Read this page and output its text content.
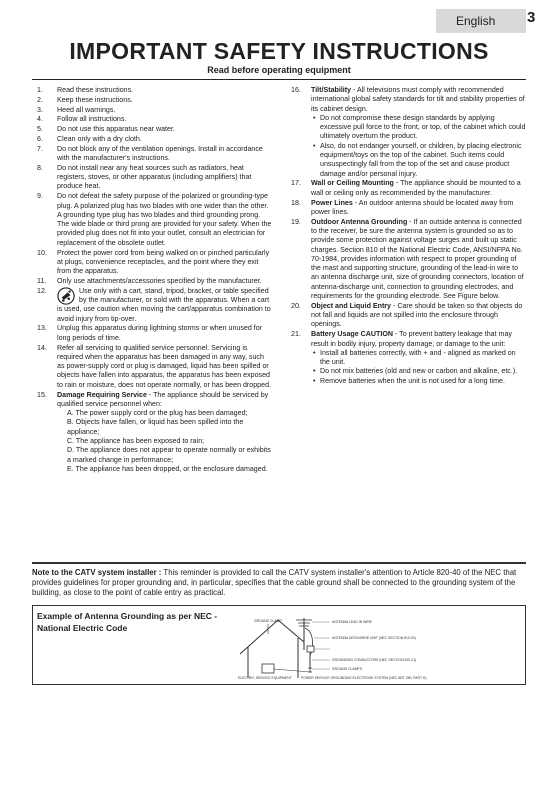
English 3
IMPORTANT SAFETY INSTRUCTIONS
Read before operating equipment
1. Read these instructions.
2. Keep these instructions.
3. Heed all warnings.
4. Follow all instructions.
5. Do not use this apparatus near water.
6. Clean only with a dry cloth.
7. Do not block any of the ventilation openings. Install in accordance with the manufacturer's instructions.
8. Do not install near any heat sources such as radiators, heat registers, stoves, or other apparatus (including amplifiers) that produce heat.
9. Do not defeat the safety purpose of the polarized or grounding-type plug. A polarized plug has two blades with one wider than the other. A grounding type plug has two blades and third grounding prong. The wide blade or third prong are provided for your safety. When the provided plug does not fit into your outlet, consult an electrician for replacement of the obsolete outlet.
10. Protect the power cord from being walked on or pinched particularly at plugs, convenience receptacles, and the point where they exit from the apparatus.
11. Only use attachments/accessories specified by the manufacturer.
12.	Use only with a cart, stand, tripod, bracket, or table specified by the manufacturer, or sold with the apparatus. When a cart is used, use caution when moving the cart/apparatus combination to avoid injury from tip-over.
13. Unplug this apparatus during lightning storms or when unused for long periods of time.
14. Refer all servicing to qualified service personnel. Servicing is required when the apparatus has been damaged in any way, such as power-supply cord or plug is damaged, liquid has been spilled or objects have fallen into apparatus, the apparatus has been exposed to rain or moisture, does not operate normally, or has been dropped.
15. Damage Requiring Service - The appliance should be serviced by qualified service personnel when:
A. The power supply cord or the plug has been damaged;
B. Objects have fallen, or liquid has been spilled into the appliance;
C. The appliance has been exposed to rain;
D. The appliance does not appear to operate normally or exhibits a marked change in performance;
E. The appliance has been dropped, or the enclosure damaged.
16. Tilt/Stability - All televisions must comply with recommended international global safety standards for tilt and stability properties of its cabinet design.
• Do not compromise these design standards by applying excessive pull force to the front, or top, of the cabinet which could ultimately overturn the product.
• Also, do not endanger yourself, or children, by placing electronic equipment/toys on the top of the cabinet. Such items could unsuspectingly fall from the top of the set and cause product damage and/or personal injury.
17. Wall or Ceiling Mounting - The appliance should be mounted to a wall or ceiling only as recommended by the manufacturer.
18. Power Lines - An outdoor antenna should be located away from power lines.
19. Outdoor Antenna Grounding - If an outside antenna is connected to the receiver, be sure the antenna system is grounded so as to provide some protection against voltage surges and built up static charges. Section 810 of the National Electric Code, ANSI/NFPA No. 70-1984, provides information with respect to proper grounding of the mast and supporting structure, grounding of the lead-in wire to an antenna discharge unit, size of grounding connectors, location of antenna-discharge unit, connection to grounding electrodes, and requirements for the grounding electrode. See Figure below.
20. Object and Liquid Entry - Care should be taken so that objects do not fall and liquids are not spilled into the enclosure through openings.
21. Battery Usage CAUTION - To prevent battery leakage that may result in bodily injury, property damage, or damage to the unit:
• Install all batteries correctly, with + and - aligned as marked on the unit.
• Do not mix batteries (old and new or carbon and alkaline, etc.).
• Remove batteries when the unit is not used for a long time.
Note to the CATV system installer : This reminder is provided to call the CATV system installer's attention to Article 820-40 of the NEC that provides guidelines for proper grounding and, in particular, specifies that the cable ground shall be connected to the grounding system of the building, as close to the point of cable entry as practical.
Example of Antenna Grounding as per NEC - National Electric Code
GROUND CLAMP	ANTENNA LEAD IN WIRE
ANTENNA DISCHARGE UNIT (NEC SECTION 810-20)
GROUNDING CONDUCTORS (NEC SECTION 810-21)
GROUND CLAMPS
ELECTRIC SERVICE EQUIPMENT	POWER SERVICE GROUNDING ELECTRODE SYSTEM (NEC ART 250, PART H)
